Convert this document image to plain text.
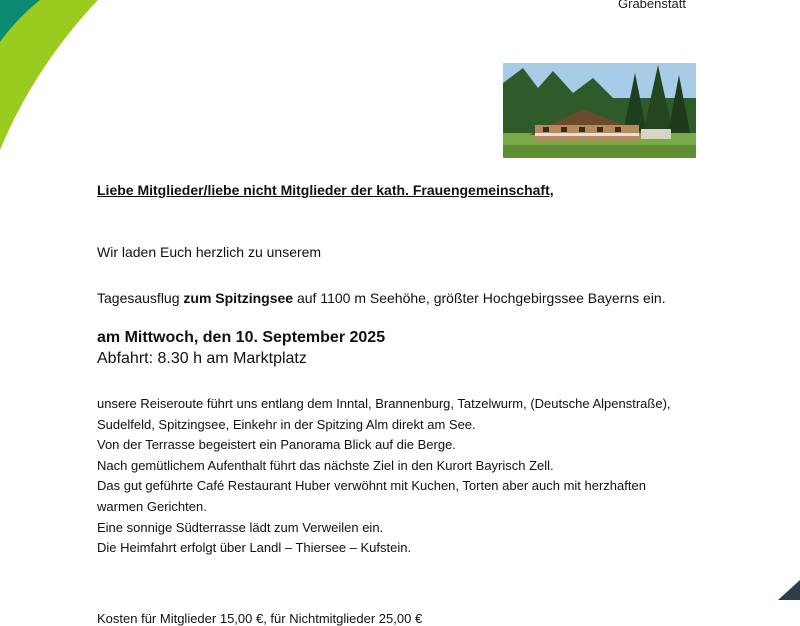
Grabenstätt

Liebe Mitglieder/liebe nicht Mitglieder der kath. Frauengemeinschaft,

Wir laden Euch herzlich zu unserem

Tagesausflug zum Spitzingsee auf 1100 m Seehöhe, größter Hochgebirgssee Bayerns ein.

am Mittwoch, den 10. September 2025

Abfahrt: 8.30 h am Marktplatz

unsere Reiseroute führt uns entlang dem Inntal, Brannenburg, Tatzelwurm, (Deutsche Alpenstraße),
Sudelfeld, Spitzingsee, Einkehr in der Spitzing Alm direkt am See.
Von der Terrasse begeistert ein Panorama Blick auf die Berge.
Nach gemütlichem Aufenthalt führt das nächste Ziel in den Kurort Bayrisch Zell.
Das gut geführte Café Restaurant Huber verwöhnt mit Kuchen, Torten aber auch mit herzhaften
warmen Gerichten.
Eine sonnige Südterrasse lädt zum Verweilen ein.
Die Heimfahrt erfolgt über Landl – Thiersee – Kufstein.
Kosten für Mitglieder 15,00 €, für Nichtmitglieder 25,00 €
